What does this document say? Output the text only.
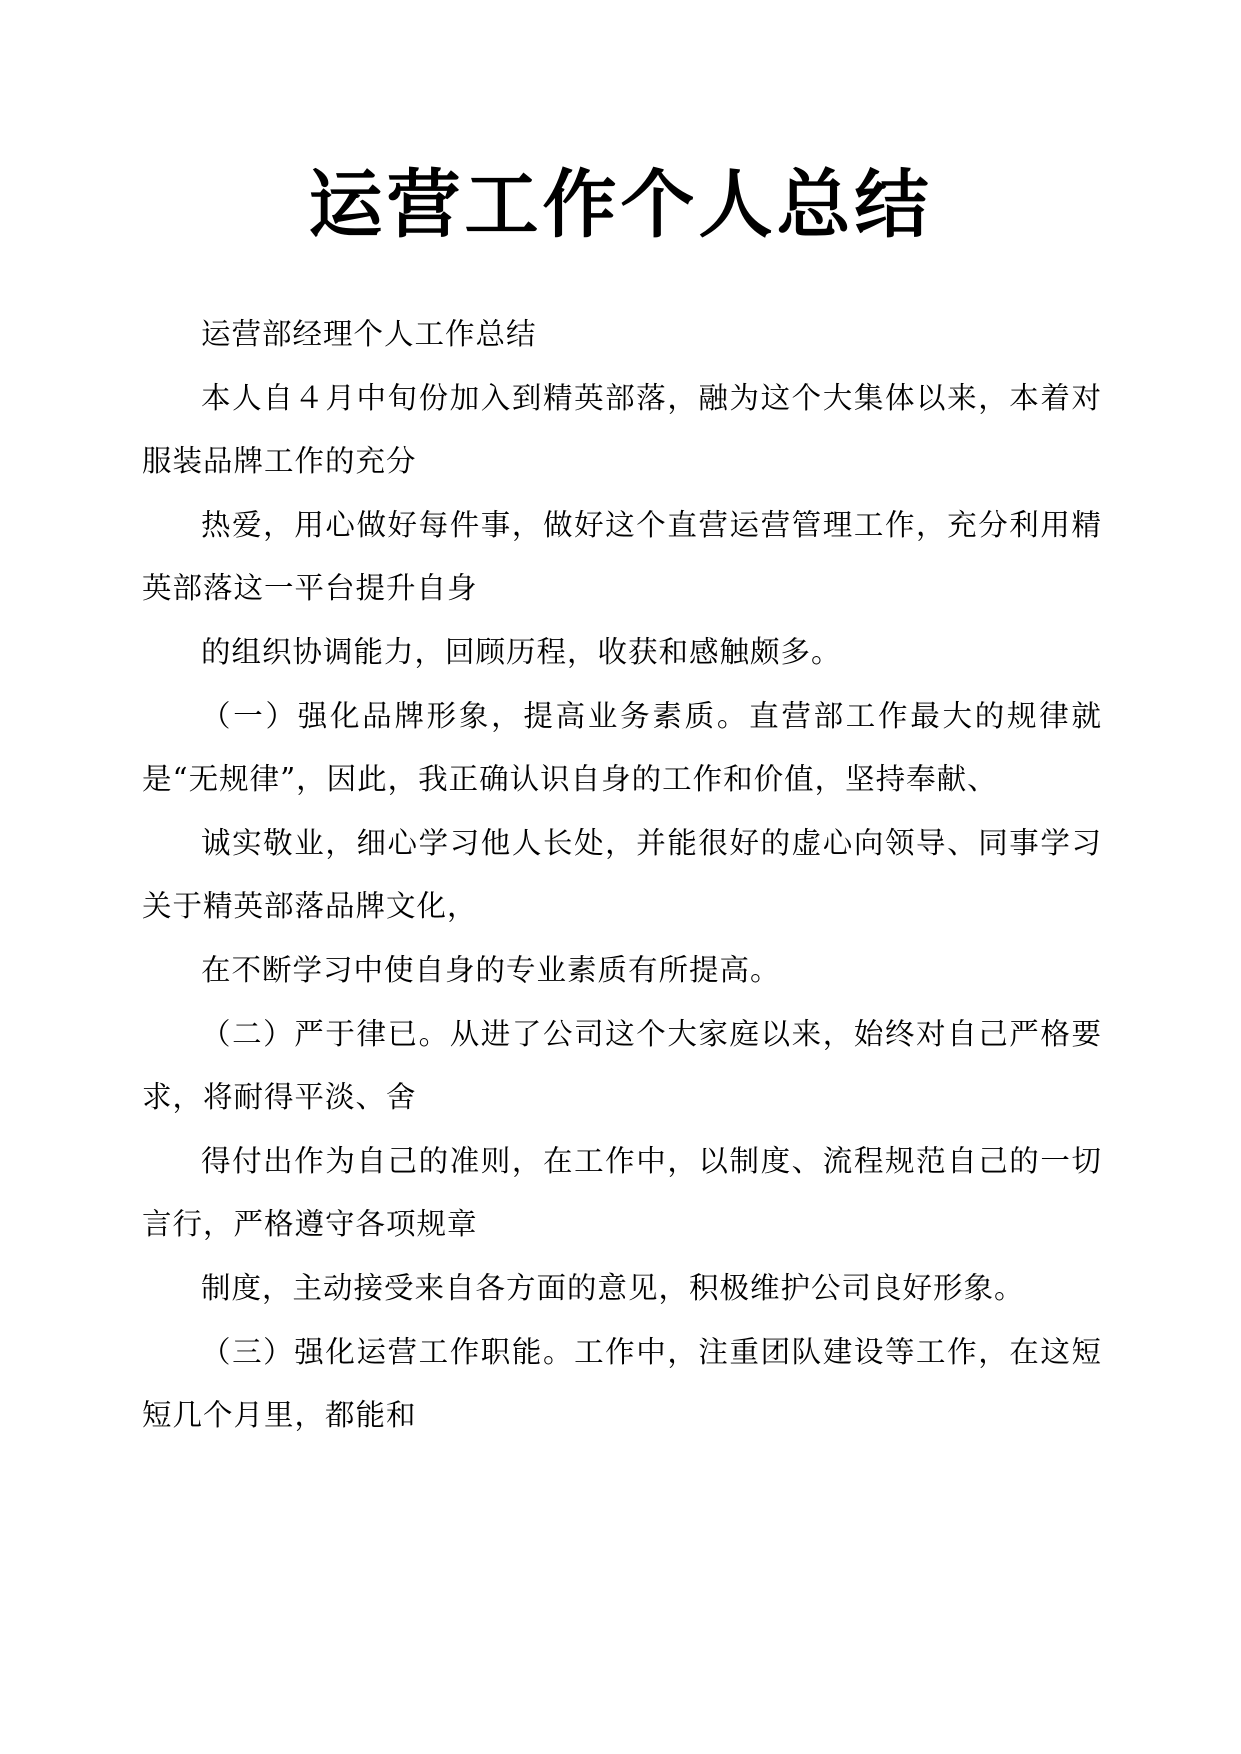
运营工作个人总结

运营部经理个人工作总结

本人自４月中旬份加入到精英部落，融为这个大集体以来，本着对服装品牌工作的充分

热爱，用心做好每件事，做好这个直营运营管理工作，充分利用精英部落这一平台提升自身

的组织协调能力，回顾历程，收获和感触颇多。

（一）强化品牌形象，提高业务素质。直营部工作最大的规律就是“无规律”，因此，我正确认识自身的工作和价值，坚持奉献、

诚实敬业，细心学习他人长处，并能很好的虚心向领导、同事学习关于精英部落品牌文化，

在不断学习中使自身的专业素质有所提高。

（二）严于律已。从进了公司这个大家庭以来，始终对自己严格要求，将耐得平淡、舍

得付出作为自己的准则，在工作中，以制度、流程规范自己的一切言行，严格遵守各项规章

制度，主动接受来自各方面的意见，积极维护公司良好形象。

（三）强化运营工作职能。工作中，注重团队建设等工作，在这短短几个月里，都能和
